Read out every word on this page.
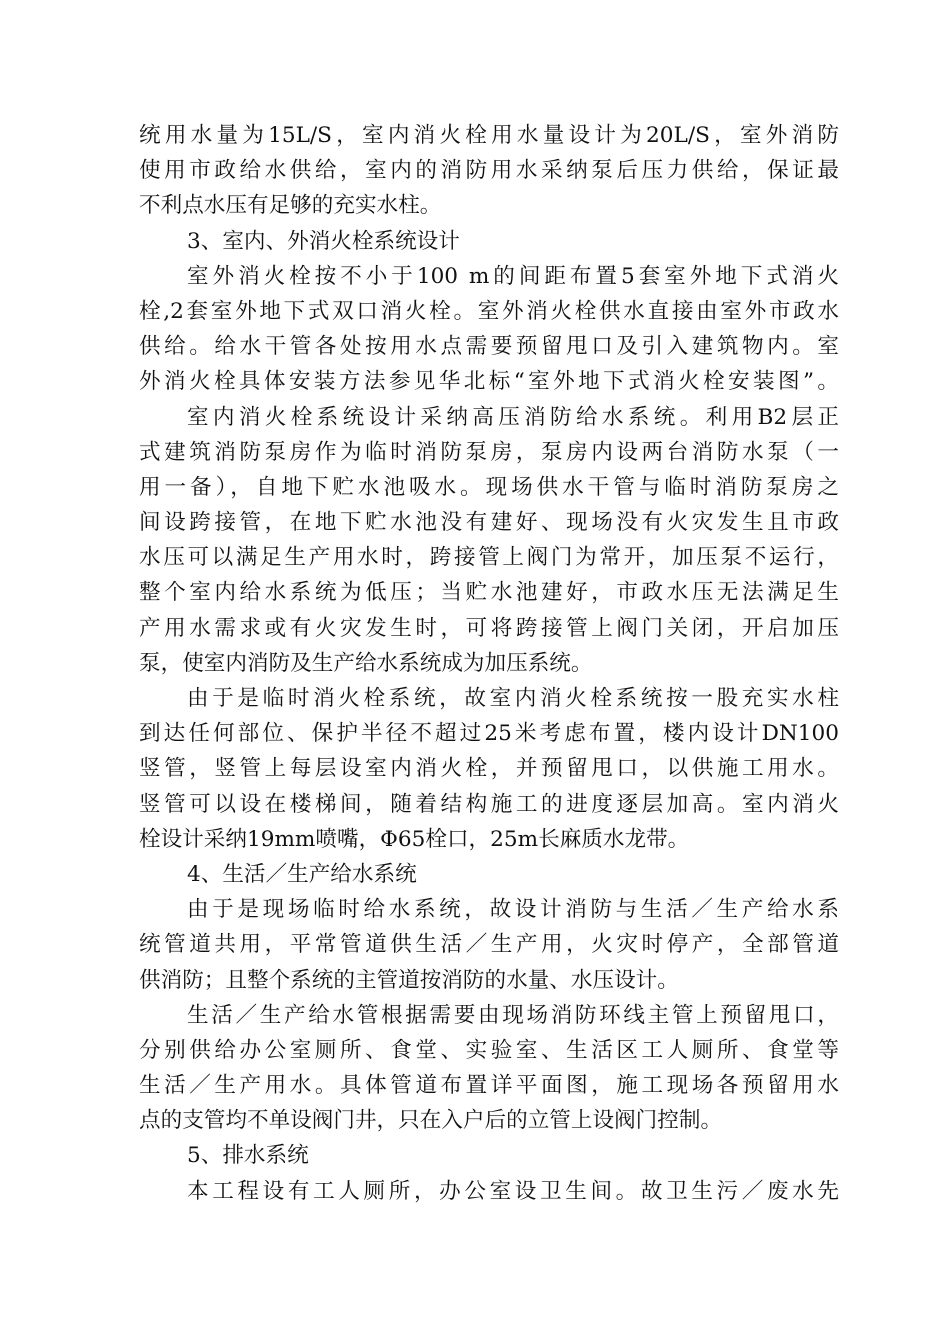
统用水量为15L/S，室内消火栓用水量设计为20L/S，室外消防
使用市政给水供给，室内的消防用水采纳泵后压力供给，保证最
不利点水压有足够的充实水柱。
3、室内、外消火栓系统设计
室外消火栓按不小于100 m的间距布置5套室外地下式消火
栓,2套室外地下式双口消火栓。室外消火栓供水直接由室外市政水
供给。给水干管各处按用水点需要预留甩口及引入建筑物内。室
外消火栓具体安装方法参见华北标“室外地下式消火栓安装图”。
室内消火栓系统设计采纳高压消防给水系统。利用B2层正
式建筑消防泵房作为临时消防泵房，泵房内设两台消防水泵（一
用一备），自地下贮水池吸水。现场供水干管与临时消防泵房之
间设跨接管，在地下贮水池没有建好、现场没有火灾发生且市政
水压可以满足生产用水时，跨接管上阀门为常开，加压泵不运行，
整个室内给水系统为低压；当贮水池建好，市政水压无法满足生
产用水需求或有火灾发生时，可将跨接管上阀门关闭，开启加压
泵，使室内消防及生产给水系统成为加压系统。
由于是临时消火栓系统，故室内消火栓系统按一股充实水柱
到达任何部位、保护半径不超过25米考虑布置，楼内设计DN100
竖管，竖管上每层设室内消火栓，并预留甩口，以供施工用水。
竖管可以设在楼梯间，随着结构施工的进度逐层加高。室内消火
栓设计采纳19mm喷嘴，Φ65栓口，25m长麻质水龙带。
4、生活／生产给水系统
由于是现场临时给水系统，故设计消防与生活／生产给水系
统管道共用，平常管道供生活／生产用，火灾时停产，全部管道
供消防；且整个系统的主管道按消防的水量、水压设计。
生活／生产给水管根据需要由现场消防环线主管上预留甩口，
分别供给办公室厕所、食堂、实验室、生活区工人厕所、食堂等
生活／生产用水。具体管道布置详平面图，施工现场各预留用水
点的支管均不单设阀门井，只在入户后的立管上设阀门控制。
5、排水系统
本工程设有工人厕所，办公室设卫生间。故卫生污／废水先
